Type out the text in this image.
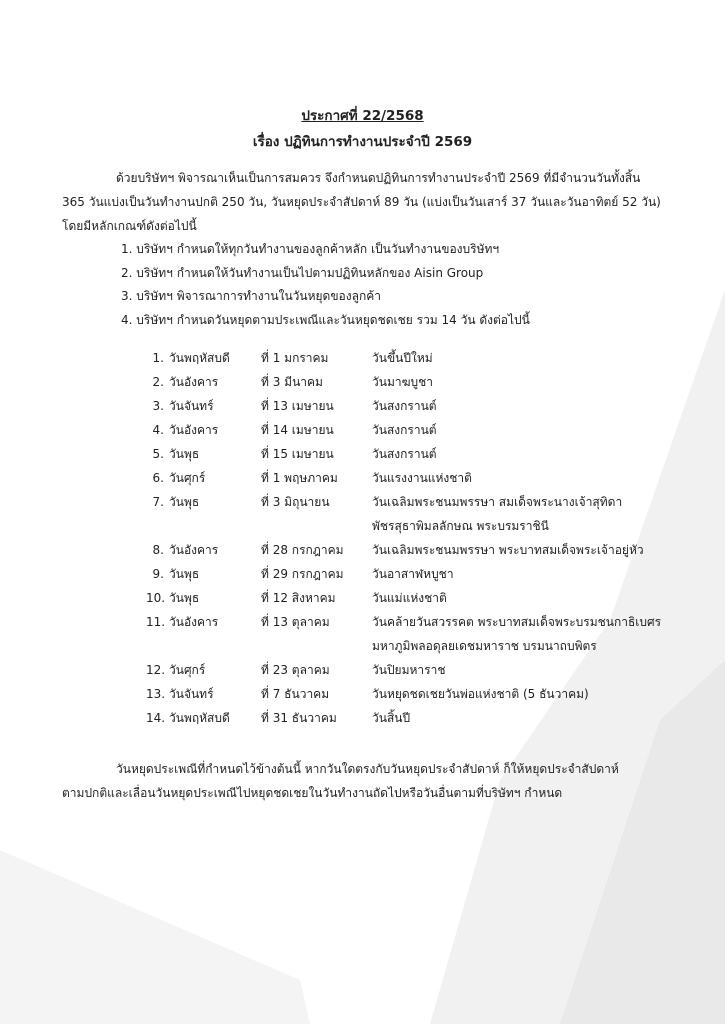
ประกาศที่ 22/2568
เรื่อง ปฏิทินการทำงานประจำปี 2569
ด้วยบริษัทฯ พิจารณาเห็นเป็นการสมควร จึงกำหนดปฏิทินการทำงานประจำปี 2569 ที่มีจำนวนวันทั้งสิ้น
365 วันแบ่งเป็นวันทำงานปกติ 250 วัน, วันหยุดประจำสัปดาห์ 89 วัน (แบ่งเป็นวันเสาร์ 37 วันและวันอาทิตย์ 52 วัน)
โดยมีหลักเกณฑ์ดังต่อไปนี้
1. บริษัทฯ กำหนดให้ทุกวันทำงานของลูกค้าหลัก เป็นวันทำงานของบริษัทฯ
2. บริษัทฯ กำหนดให้วันทำงานเป็นไปตามปฏิทินหลักของ Aisin Group
3. บริษัทฯ พิจารณาการทำงานในวันหยุดของลูกค้า
4. บริษัทฯ กำหนดวันหยุดตามประเพณีและวันหยุดชดเชย รวม 14 วัน ดังต่อไปนี้
1. วันพฤหัสบดี	ที่ 1 มกราคม	วันขึ้นปีใหม่
2. วันอังคาร	ที่ 3 มีนาคม	วันมาฆบูชา
3. วันจันทร์	ที่ 13 เมษายน	วันสงกรานต์
4. วันอังคาร	ที่ 14 เมษายน	วันสงกรานต์
5. วันพุธ	ที่ 15 เมษายน	วันสงกรานต์
6. วันศุกร์	ที่ 1 พฤษภาคม	วันแรงงานแห่งชาติ
7. วันพุธ	ที่ 3 มิถุนายน	วันเฉลิมพระชนมพรรษา สมเด็จพระนางเจ้าสุทิดา
พัชรสุธาพิมลลักษณ พระบรมราชินี
8. วันอังคาร	ที่ 28 กรกฎาคม	วันเฉลิมพระชนมพรรษา พระบาทสมเด็จพระเจ้าอยู่หัว
9. วันพุธ	ที่ 29 กรกฎาคม	วันอาสาฬหบูชา
10. วันพุธ	ที่ 12 สิงหาคม	วันแม่แห่งชาติ
11. วันอังคาร	ที่ 13 ตุลาคม	วันคล้ายวันสวรรคต พระบาทสมเด็จพระบรมชนกาธิเบศร
มหาภูมิพลอดุลยเดชมหาราช บรมนาถบพิตร
12. วันศุกร์	ที่ 23 ตุลาคม	วันปิยมหาราช
13. วันจันทร์	ที่ 7 ธันวาคม	วันหยุดชดเชยวันพ่อแห่งชาติ (5 ธันวาคม)
14. วันพฤหัสบดี	ที่ 31 ธันวาคม	วันสิ้นปี
วันหยุดประเพณีที่กำหนดไว้ข้างต้นนี้ หากวันใดตรงกับวันหยุดประจำสัปดาห์ ก็ให้หยุดประจำสัปดาห์
ตามปกติและเลื่อนวันหยุดประเพณีไปหยุดชดเชยในวันทำงานถัดไปหรือวันอื่นตามที่บริษัทฯ กำหนด
